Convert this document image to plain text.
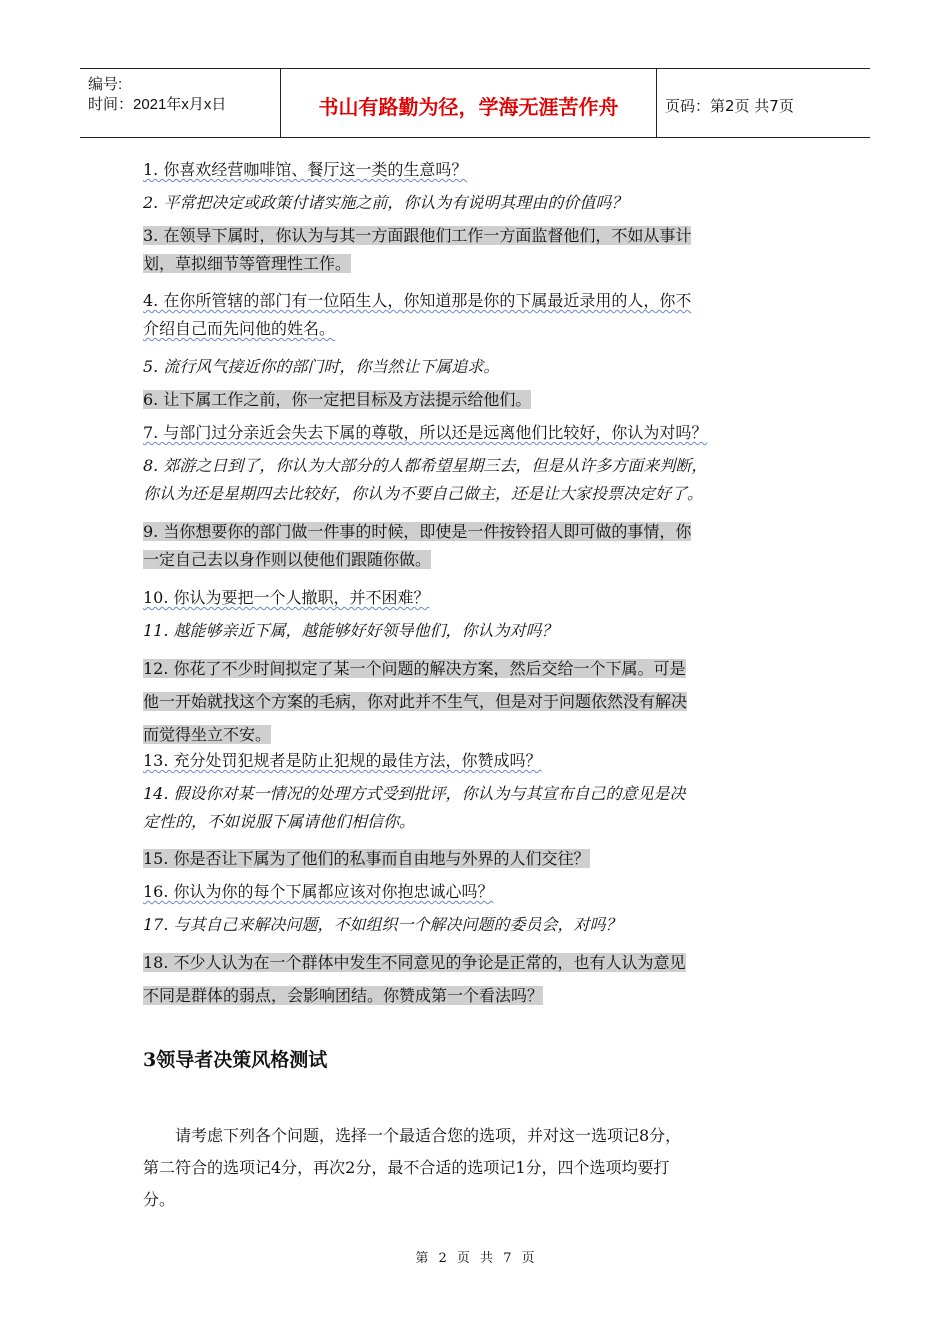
编号:
时间：2021年x月x日	书山有路勤为径，学海无涯苦作舟	页码：第2页 共7页
1. 你喜欢经营咖啡馆、餐厅这一类的生意吗？
2. 平常把决定或政策付诸实施之前，你认为有说明其理由的价值吗？
3. 在领导下属时，你认为与其一方面跟他们工作一方面监督他们，不如从事计
划，草拟细节等管理性工作。
4. 在你所管辖的部门有一位陌生人，你知道那是你的下属最近录用的人，你不
介绍自己而先问他的姓名。
5. 流行风气接近你的部门时，你当然让下属追求。
6. 让下属工作之前，你一定把目标及方法提示给他们。
7. 与部门过分亲近会失去下属的尊敬，所以还是远离他们比较好，你认为对吗？
8. 郊游之日到了，你认为大部分的人都希望星期三去，但是从许多方面来判断，
你认为还是星期四去比较好，你认为不要自己做主，还是让大家投票决定好了。
9. 当你想要你的部门做一件事的时候，即使是一件按铃招人即可做的事情，你
一定自己去以身作则以使他们跟随你做。
10. 你认为要把一个人撤职，并不困难？
11. 越能够亲近下属，越能够好好领导他们，你认为对吗？
12. 你花了不少时间拟定了某一个问题的解决方案，然后交给一个下属。可是
他一开始就找这个方案的毛病，你对此并不生气，但是对于问题依然没有解决
而觉得坐立不安。
13. 充分处罚犯规者是防止犯规的最佳方法，你赞成吗？
14. 假设你对某一情况的处理方式受到批评，你认为与其宣布自己的意见是决
定性的，不如说服下属请他们相信你。
15. 你是否让下属为了他们的私事而自由地与外界的人们交往？
16. 你认为你的每个下属都应该对你抱忠诚心吗？
17. 与其自己来解决问题，不如组织一个解决问题的委员会，对吗？
18. 不少人认为在一个群体中发生不同意见的争论是正常的，也有人认为意见
不同是群体的弱点，会影响团结。你赞成第一个看法吗？
3领导者决策风格测试
请考虑下列各个问题，选择一个最适合您的选项，并对这一选项记8分，
第二符合的选项记4分，再次2分，最不合适的选项记1分，四个选项均要打
分。
第 2 页 共 7 页
